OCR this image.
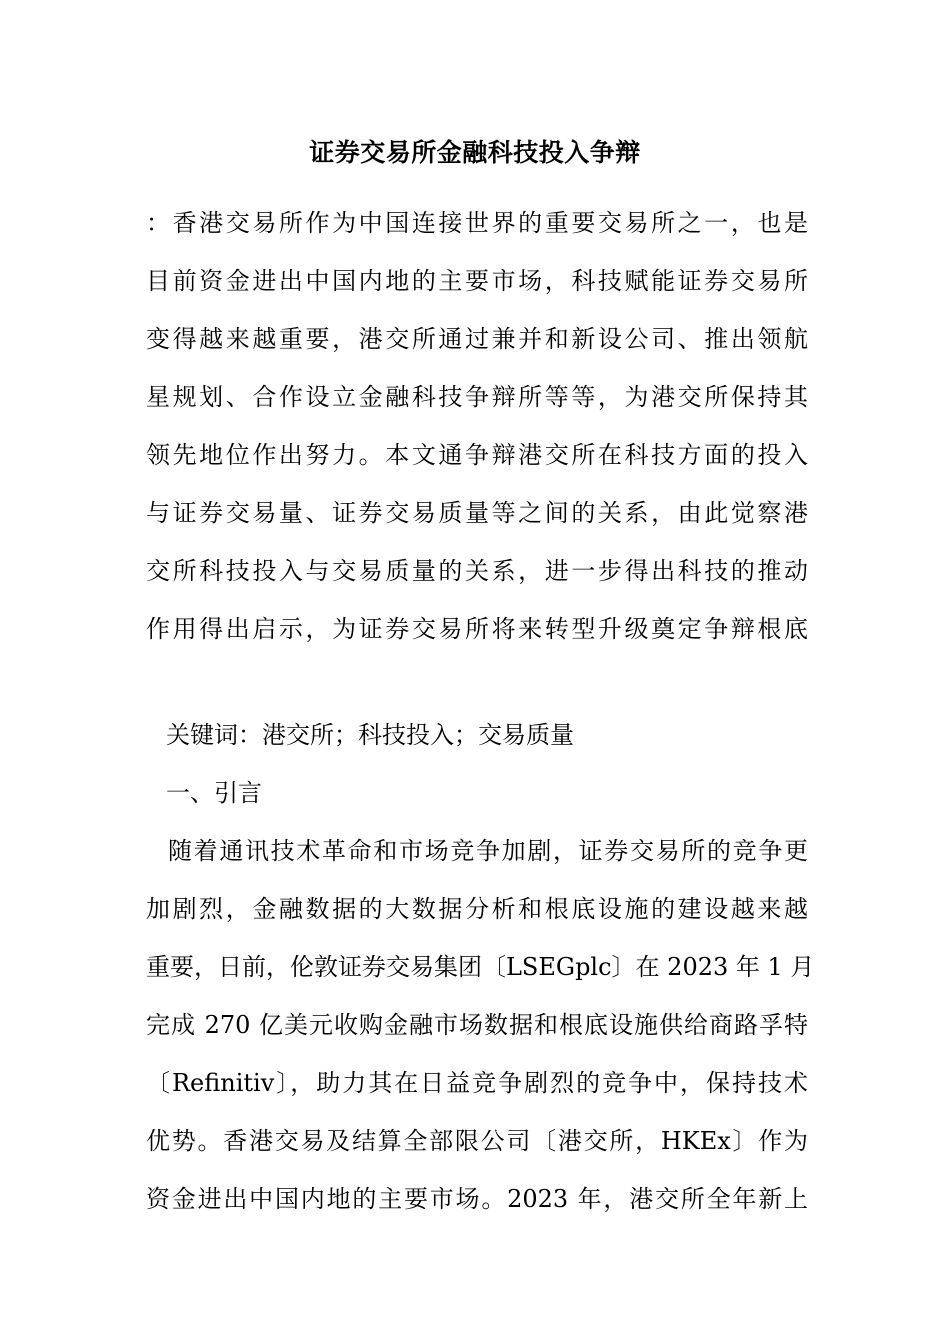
证券交易所金融科技投入争辩
：香港交易所作为中国连接世界的重要交易所之一，也是
目前资金进出中国内地的主要市场，科技赋能证券交易所
变得越来越重要，港交所通过兼并和新设公司、推出领航
星规划、合作设立金融科技争辩所等等，为港交所保持其
领先地位作出努力。本文通争辩港交所在科技方面的投入
与证券交易量、证券交易质量等之间的关系，由此觉察港
交所科技投入与交易质量的关系，进一步得出科技的推动
作用得出启示，为证券交易所将来转型升级奠定争辩根底
关键词：港交所；科技投入；交易质量
一、引言
随着通讯技术革命和市场竞争加剧，证券交易所的竞争更
加剧烈，金融数据的大数据分析和根底设施的建设越来越
重要，日前，伦敦证券交易集团〔LSEGplc〕在 2023 年 1 月
完成 270 亿美元收购金融市场数据和根底设施供给商路孚特
〔Refinitiv〕，助力其在日益竞争剧烈的竞争中，保持技术
优势。香港交易及结算全部限公司〔港交所，HKEx〕作为
资金进出中国内地的主要市场。2023 年，港交所全年新上
